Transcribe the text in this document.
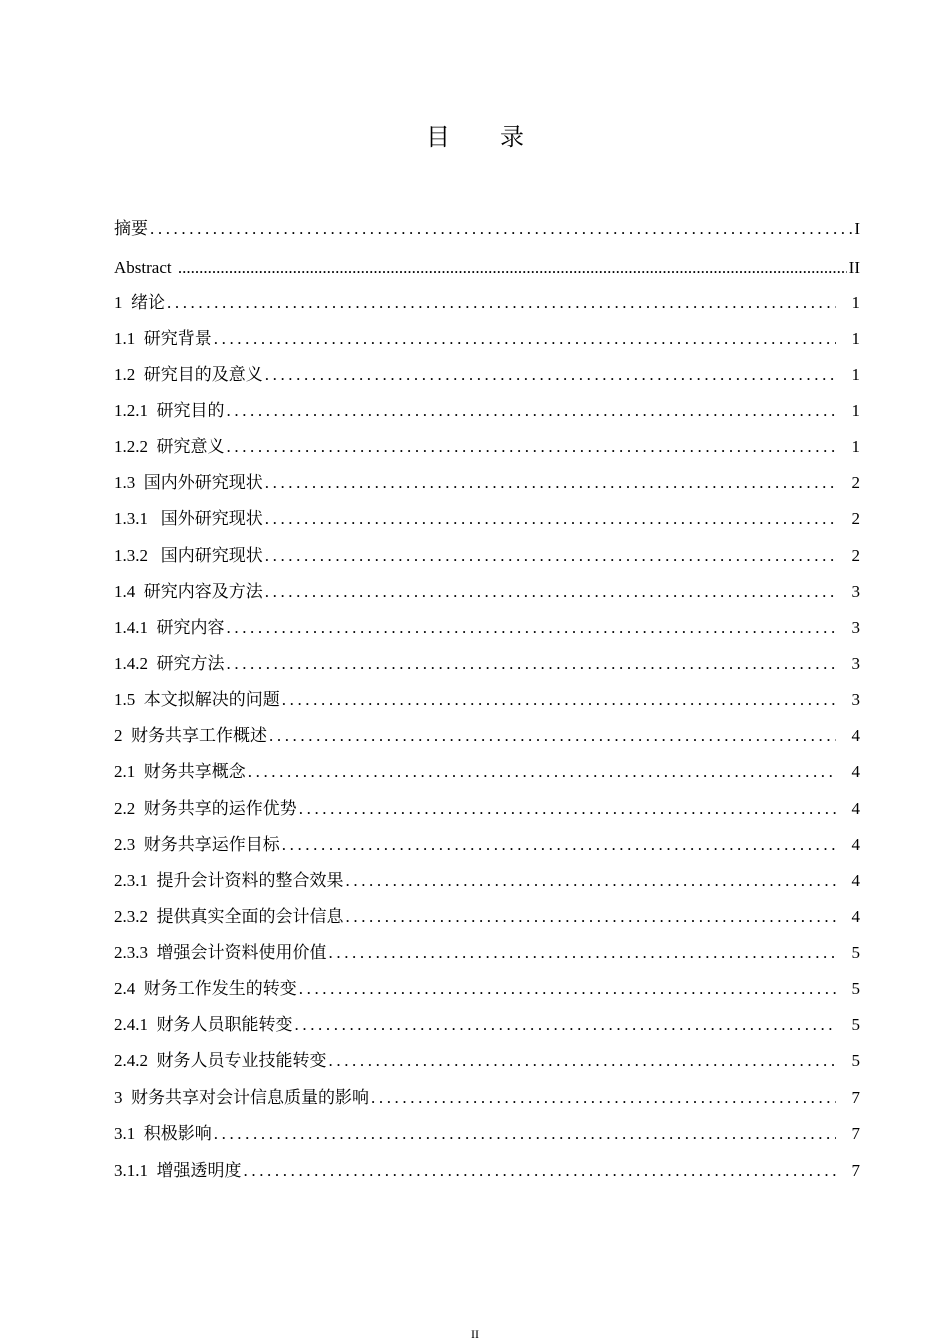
目 录
摘要 .....	I
Abstract .....	II
1  绪论 .....	1
1.1  研究背景 .....	1
1.2  研究目的及意义 .....	1
1.2.1  研究目的 .....	1
1.2.2  研究意义 .....	1
1.3  国内外研究现状 .....	2
1.3.1   国外研究现状 .....	2
1.3.2   国内研究现状 .....	2
1.4  研究内容及方法 .....	3
1.4.1  研究内容 .....	3
1.4.2  研究方法 .....	3
1.5  本文拟解决的问题 .....	3
2  财务共享工作概述 .....	4
2.1  财务共享概念 .....	4
2.2  财务共享的运作优势 .....	4
2.3  财务共享运作目标 .....	4
2.3.1  提升会计资料的整合效果 .....	4
2.3.2  提供真实全面的会计信息 .....	4
2.3.3  增强会计资料使用价值 .....	5
2.4  财务工作发生的转变 .....	5
2.4.1  财务人员职能转变 .....	5
2.4.2  财务人员专业技能转变 .....	5
3  财务共享对会计信息质量的影响 .....	7
3.1  积极影响 .....	7
3.1.1  增强透明度 .....	7
II
